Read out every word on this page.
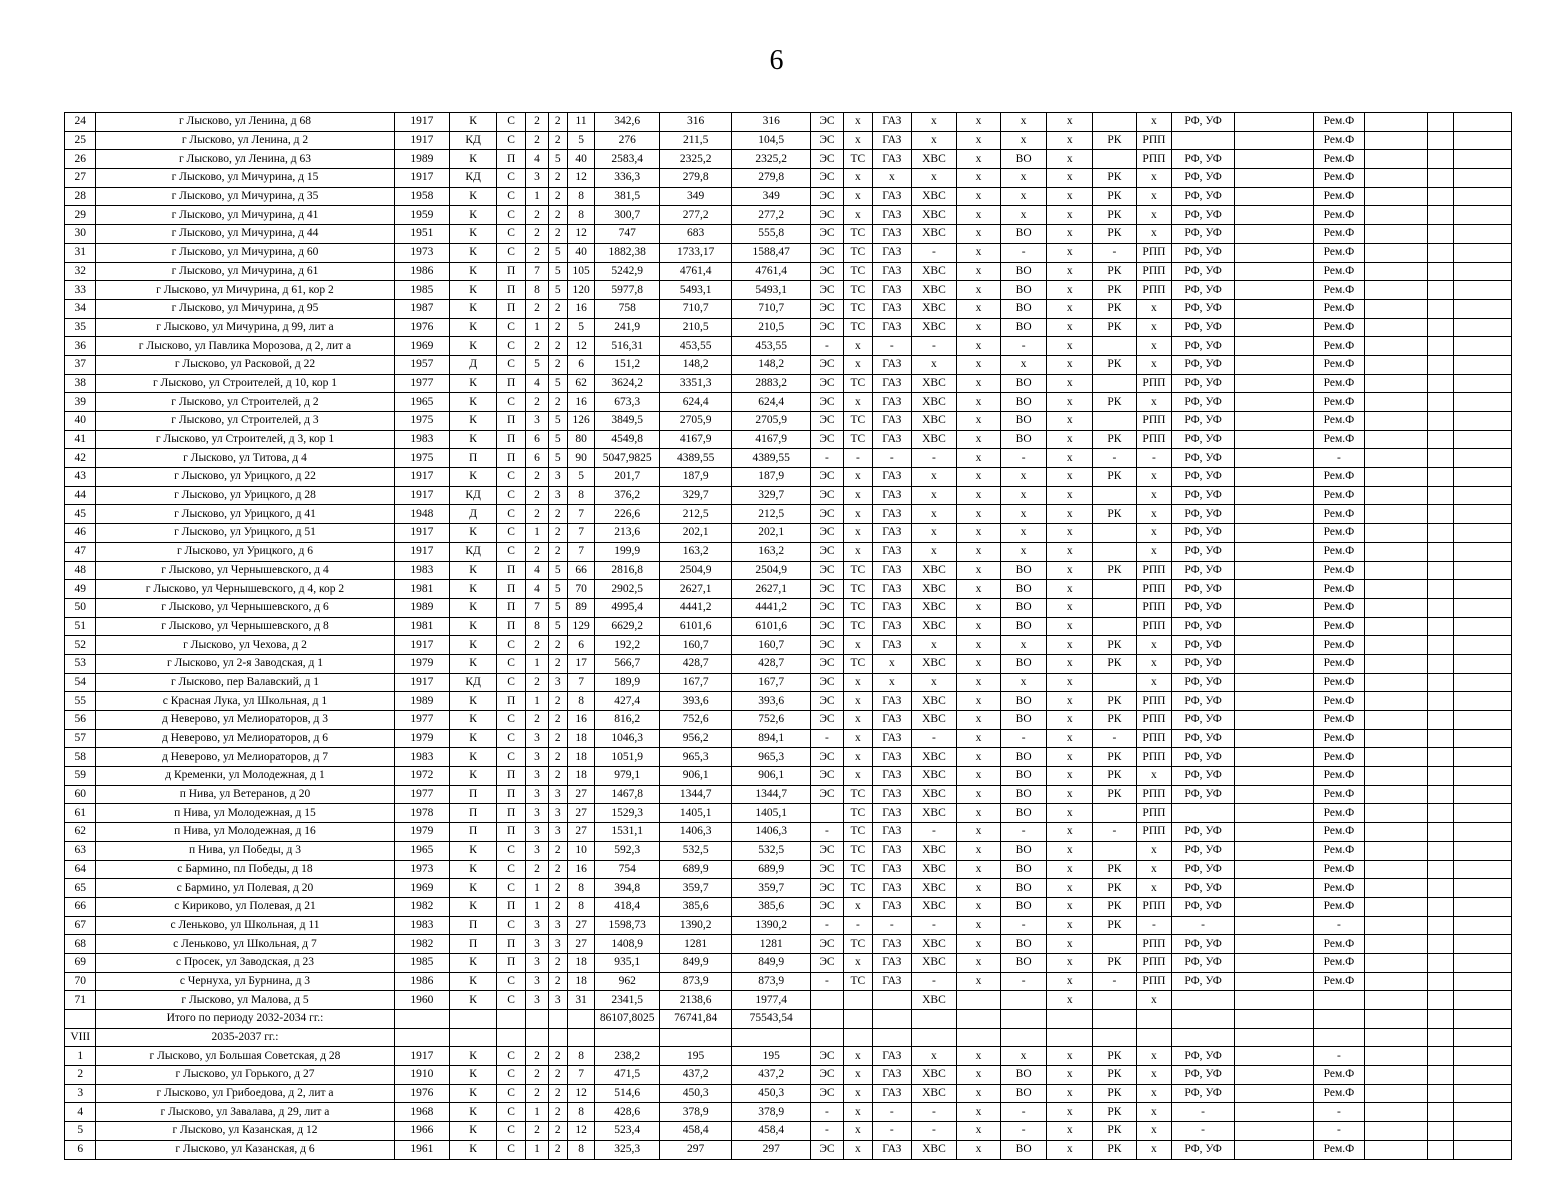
6
24	г Лысково, ул Ленина, д 68	1917	К	С	2	2	11	342,6	316	316	ЭС	х	ГАЗ	х	х	х	х		х	РФ, УФ		Рем.Ф			
25	г Лысково, ул Ленина, д 2	1917	КД	С	2	2	5	276	211,5	104,5	ЭС	х	ГАЗ	х	х	х	х	РК	РПП			Рем.Ф			
26	г Лысково, ул Ленина, д 63	1989	К	П	4	5	40	2583,4	2325,2	2325,2	ЭС	ТС	ГАЗ	ХВС	х	ВО	х		РПП	РФ, УФ		Рем.Ф			
27	г Лысково, ул Мичурина, д 15	1917	КД	С	3	2	12	336,3	279,8	279,8	ЭС	х	х	х	х	х	х	РК	х	РФ, УФ		Рем.Ф			
28	г Лысково, ул Мичурина, д 35	1958	К	С	1	2	8	381,5	349	349	ЭС	х	ГАЗ	ХВС	х	х	х	РК	х	РФ, УФ		Рем.Ф			
29	г Лысково, ул Мичурина, д 41	1959	К	С	2	2	8	300,7	277,2	277,2	ЭС	х	ГАЗ	ХВС	х	х	х	РК	х	РФ, УФ		Рем.Ф			
30	г Лысково, ул Мичурина, д 44	1951	К	С	2	2	12	747	683	555,8	ЭС	ТС	ГАЗ	ХВС	х	ВО	х	РК	х	РФ, УФ		Рем.Ф			
31	г Лысково, ул Мичурина, д 60	1973	К	С	2	5	40	1882,38	1733,17	1588,47	ЭС	ТС	ГАЗ	-	х	-	х	-	РПП	РФ, УФ		Рем.Ф			
32	г Лысково, ул Мичурина, д 61	1986	К	П	7	5	105	5242,9	4761,4	4761,4	ЭС	ТС	ГАЗ	ХВС	х	ВО	х	РК	РПП	РФ, УФ		Рем.Ф			
33	г Лысково, ул Мичурина, д 61, кор 2	1985	К	П	8	5	120	5977,8	5493,1	5493,1	ЭС	ТС	ГАЗ	ХВС	х	ВО	х	РК	РПП	РФ, УФ		Рем.Ф			
34	г Лысково, ул Мичурина, д 95	1987	К	П	2	2	16	758	710,7	710,7	ЭС	ТС	ГАЗ	ХВС	х	ВО	х	РК	х	РФ, УФ		Рем.Ф			
35	г Лысково, ул Мичурина, д 99, лит а	1976	К	С	1	2	5	241,9	210,5	210,5	ЭС	ТС	ГАЗ	ХВС	х	ВО	х	РК	х	РФ, УФ		Рем.Ф			
36	г Лысково, ул Павлика Морозова, д 2, лит а	1969	К	С	2	2	12	516,31	453,55	453,55	-	х	-	-	х	-	х		х	РФ, УФ		Рем.Ф			
37	г Лысково, ул Расковой, д 22	1957	Д	С	5	2	6	151,2	148,2	148,2	ЭС	х	ГАЗ	х	х	х	х	РК	х	РФ, УФ		Рем.Ф			
38	г Лысково, ул Строителей, д 10, кор 1	1977	К	П	4	5	62	3624,2	3351,3	2883,2	ЭС	ТС	ГАЗ	ХВС	х	ВО	х		РПП	РФ, УФ		Рем.Ф			
39	г Лысково, ул Строителей, д 2	1965	К	С	2	2	16	673,3	624,4	624,4	ЭС	х	ГАЗ	ХВС	х	ВО	х	РК	х	РФ, УФ		Рем.Ф			
40	г Лысково, ул Строителей, д 3	1975	К	П	3	5	126	3849,5	2705,9	2705,9	ЭС	ТС	ГАЗ	ХВС	х	ВО	х		РПП	РФ, УФ		Рем.Ф			
41	г Лысково, ул Строителей, д 3, кор 1	1983	К	П	6	5	80	4549,8	4167,9	4167,9	ЭС	ТС	ГАЗ	ХВС	х	ВО	х	РК	РПП	РФ, УФ		Рем.Ф			
42	г Лысково, ул Титова, д 4	1975	П	П	6	5	90	5047,9825	4389,55	4389,55	-	-	-	-	х	-	х	-	-	РФ, УФ		-			
43	г Лысково, ул Урицкого, д 22	1917	К	С	2	3	5	201,7	187,9	187,9	ЭС	х	ГАЗ	х	х	х	х	РК	х	РФ, УФ		Рем.Ф			
44	г Лысково, ул Урицкого, д 28	1917	КД	С	2	3	8	376,2	329,7	329,7	ЭС	х	ГАЗ	х	х	х	х		х	РФ, УФ		Рем.Ф			
45	г Лысково, ул Урицкого, д 41	1948	Д	С	2	2	7	226,6	212,5	212,5	ЭС	х	ГАЗ	х	х	х	х	РК	х	РФ, УФ		Рем.Ф			
46	г Лысково, ул Урицкого, д 51	1917	К	С	1	2	7	213,6	202,1	202,1	ЭС	х	ГАЗ	х	х	х	х		х	РФ, УФ		Рем.Ф			
47	г Лысково, ул Урицкого, д 6	1917	КД	С	2	2	7	199,9	163,2	163,2	ЭС	х	ГАЗ	х	х	х	х		х	РФ, УФ		Рем.Ф			
48	г Лысково, ул Чернышевского, д 4	1983	К	П	4	5	66	2816,8	2504,9	2504,9	ЭС	ТС	ГАЗ	ХВС	х	ВО	х	РК	РПП	РФ, УФ		Рем.Ф			
49	г Лысково, ул Чернышевского, д 4, кор 2	1981	К	П	4	5	70	2902,5	2627,1	2627,1	ЭС	ТС	ГАЗ	ХВС	х	ВО	х		РПП	РФ, УФ		Рем.Ф			
50	г Лысково, ул Чернышевского, д 6	1989	К	П	7	5	89	4995,4	4441,2	4441,2	ЭС	ТС	ГАЗ	ХВС	х	ВО	х		РПП	РФ, УФ		Рем.Ф			
51	г Лысково, ул Чернышевского, д 8	1981	К	П	8	5	129	6629,2	6101,6	6101,6	ЭС	ТС	ГАЗ	ХВС	х	ВО	х		РПП	РФ, УФ		Рем.Ф			
52	г Лысково, ул Чехова, д 2	1917	К	С	2	2	6	192,2	160,7	160,7	ЭС	х	ГАЗ	х	х	х	х	РК	х	РФ, УФ		Рем.Ф			
53	г Лысково, ул 2-я Заводская, д 1	1979	К	С	1	2	17	566,7	428,7	428,7	ЭС	ТС	х	ХВС	х	ВО	х	РК	х	РФ, УФ		Рем.Ф			
54	г Лысково, пер Валавский, д 1	1917	КД	С	2	3	7	189,9	167,7	167,7	ЭС	х	х	х	х	х	х		х	РФ, УФ		Рем.Ф			
55	с Красная Лука, ул Школьная, д 1	1989	К	П	1	2	8	427,4	393,6	393,6	ЭС	х	ГАЗ	ХВС	х	ВО	х	РК	РПП	РФ, УФ		Рем.Ф			
56	д Неверово, ул Мелиораторов, д 3	1977	К	С	2	2	16	816,2	752,6	752,6	ЭС	х	ГАЗ	ХВС	х	ВО	х	РК	РПП	РФ, УФ		Рем.Ф			
57	д Неверово, ул Мелиораторов, д 6	1979	К	С	3	2	18	1046,3	956,2	894,1	-	х	ГАЗ	-	х	-	х	-	РПП	РФ, УФ		Рем.Ф			
58	д Неверово, ул Мелиораторов, д 7	1983	К	С	3	2	18	1051,9	965,3	965,3	ЭС	х	ГАЗ	ХВС	х	ВО	х	РК	РПП	РФ, УФ		Рем.Ф			
59	д Кременки, ул Молодежная, д 1	1972	К	П	3	2	18	979,1	906,1	906,1	ЭС	х	ГАЗ	ХВС	х	ВО	х	РК	х	РФ, УФ		Рем.Ф			
60	п Нива, ул Ветеранов, д 20	1977	П	П	3	3	27	1467,8	1344,7	1344,7	ЭС	ТС	ГАЗ	ХВС	х	ВО	х	РК	РПП	РФ, УФ		Рем.Ф			
61	п Нива, ул Молодежная, д 15	1978	П	П	3	3	27	1529,3	1405,1	1405,1		ТС	ГАЗ	ХВС	х	ВО	х		РПП			Рем.Ф			
62	п Нива, ул Молодежная, д 16	1979	П	П	3	3	27	1531,1	1406,3	1406,3	-	ТС	ГАЗ	-	х	-	х	-	РПП	РФ, УФ		Рем.Ф			
63	п Нива, ул Победы, д 3	1965	К	С	3	2	10	592,3	532,5	532,5	ЭС	ТС	ГАЗ	ХВС	х	ВО	х		х	РФ, УФ		Рем.Ф			
64	с Бармино, пл Победы, д 18	1973	К	С	2	2	16	754	689,9	689,9	ЭС	ТС	ГАЗ	ХВС	х	ВО	х	РК	х	РФ, УФ		Рем.Ф			
65	с Бармино, ул Полевая, д 20	1969	К	С	1	2	8	394,8	359,7	359,7	ЭС	ТС	ГАЗ	ХВС	х	ВО	х	РК	х	РФ, УФ		Рем.Ф			
66	с Кириково, ул Полевая, д 21	1982	К	П	1	2	8	418,4	385,6	385,6	ЭС	х	ГАЗ	ХВС	х	ВО	х	РК	РПП	РФ, УФ		Рем.Ф			
67	с Леньково, ул Школьная, д 11	1983	П	С	3	3	27	1598,73	1390,2	1390,2	-	-	-	-	х	-	х	РК	-	-		-			
68	с Леньково, ул Школьная, д 7	1982	П	П	3	3	27	1408,9	1281	1281	ЭС	ТС	ГАЗ	ХВС	х	ВО	х		РПП	РФ, УФ		Рем.Ф			
69	с Просек, ул Заводская, д 23	1985	К	П	3	2	18	935,1	849,9	849,9	ЭС	х	ГАЗ	ХВС	х	ВО	х	РК	РПП	РФ, УФ		Рем.Ф			
70	с Чернуха, ул Бурнина, д 3	1986	К	С	3	2	18	962	873,9	873,9	-	ТС	ГАЗ	-	х	-	х	-	РПП	РФ, УФ		Рем.Ф			
71	г Лысково, ул Малова, д 5	1960	К	С	3	3	31	2341,5	2138,6	1977,4				ХВС			х		х						
	Итого по периоду 2032-2034 гг.:							86107,8025	76741,84	75543,54															
VIII	2035-2037 гг.:																								
1	г Лысково, ул Большая Советская, д 28	1917	К	С	2	2	8	238,2	195	195	ЭС	х	ГАЗ	х	х	х	х	РК	х	РФ, УФ		-			
2	г Лысково, ул Горького, д 27	1910	К	С	2	2	7	471,5	437,2	437,2	ЭС	х	ГАЗ	ХВС	х	ВО	х	РК	х	РФ, УФ		Рем.Ф			
3	г Лысково, ул Грибоедова, д 2, лит а	1976	К	С	2	2	12	514,6	450,3	450,3	ЭС	х	ГАЗ	ХВС	х	ВО	х	РК	х	РФ, УФ		Рем.Ф			
4	г Лысково, ул Завалава, д 29, лит а	1968	К	С	1	2	8	428,6	378,9	378,9	-	х	-	-	х	-	х	РК	х	-		-			
5	г Лысково, ул Казанская, д 12	1966	К	С	2	2	12	523,4	458,4	458,4	-	х	-	-	х	-	х	РК	х	-		-			
6	г Лысково, ул Казанская, д 6	1961	К	С	1	2	8	325,3	297	297	ЭС	х	ГАЗ	ХВС	х	ВО	х	РК	х	РФ, УФ		Рем.Ф			
